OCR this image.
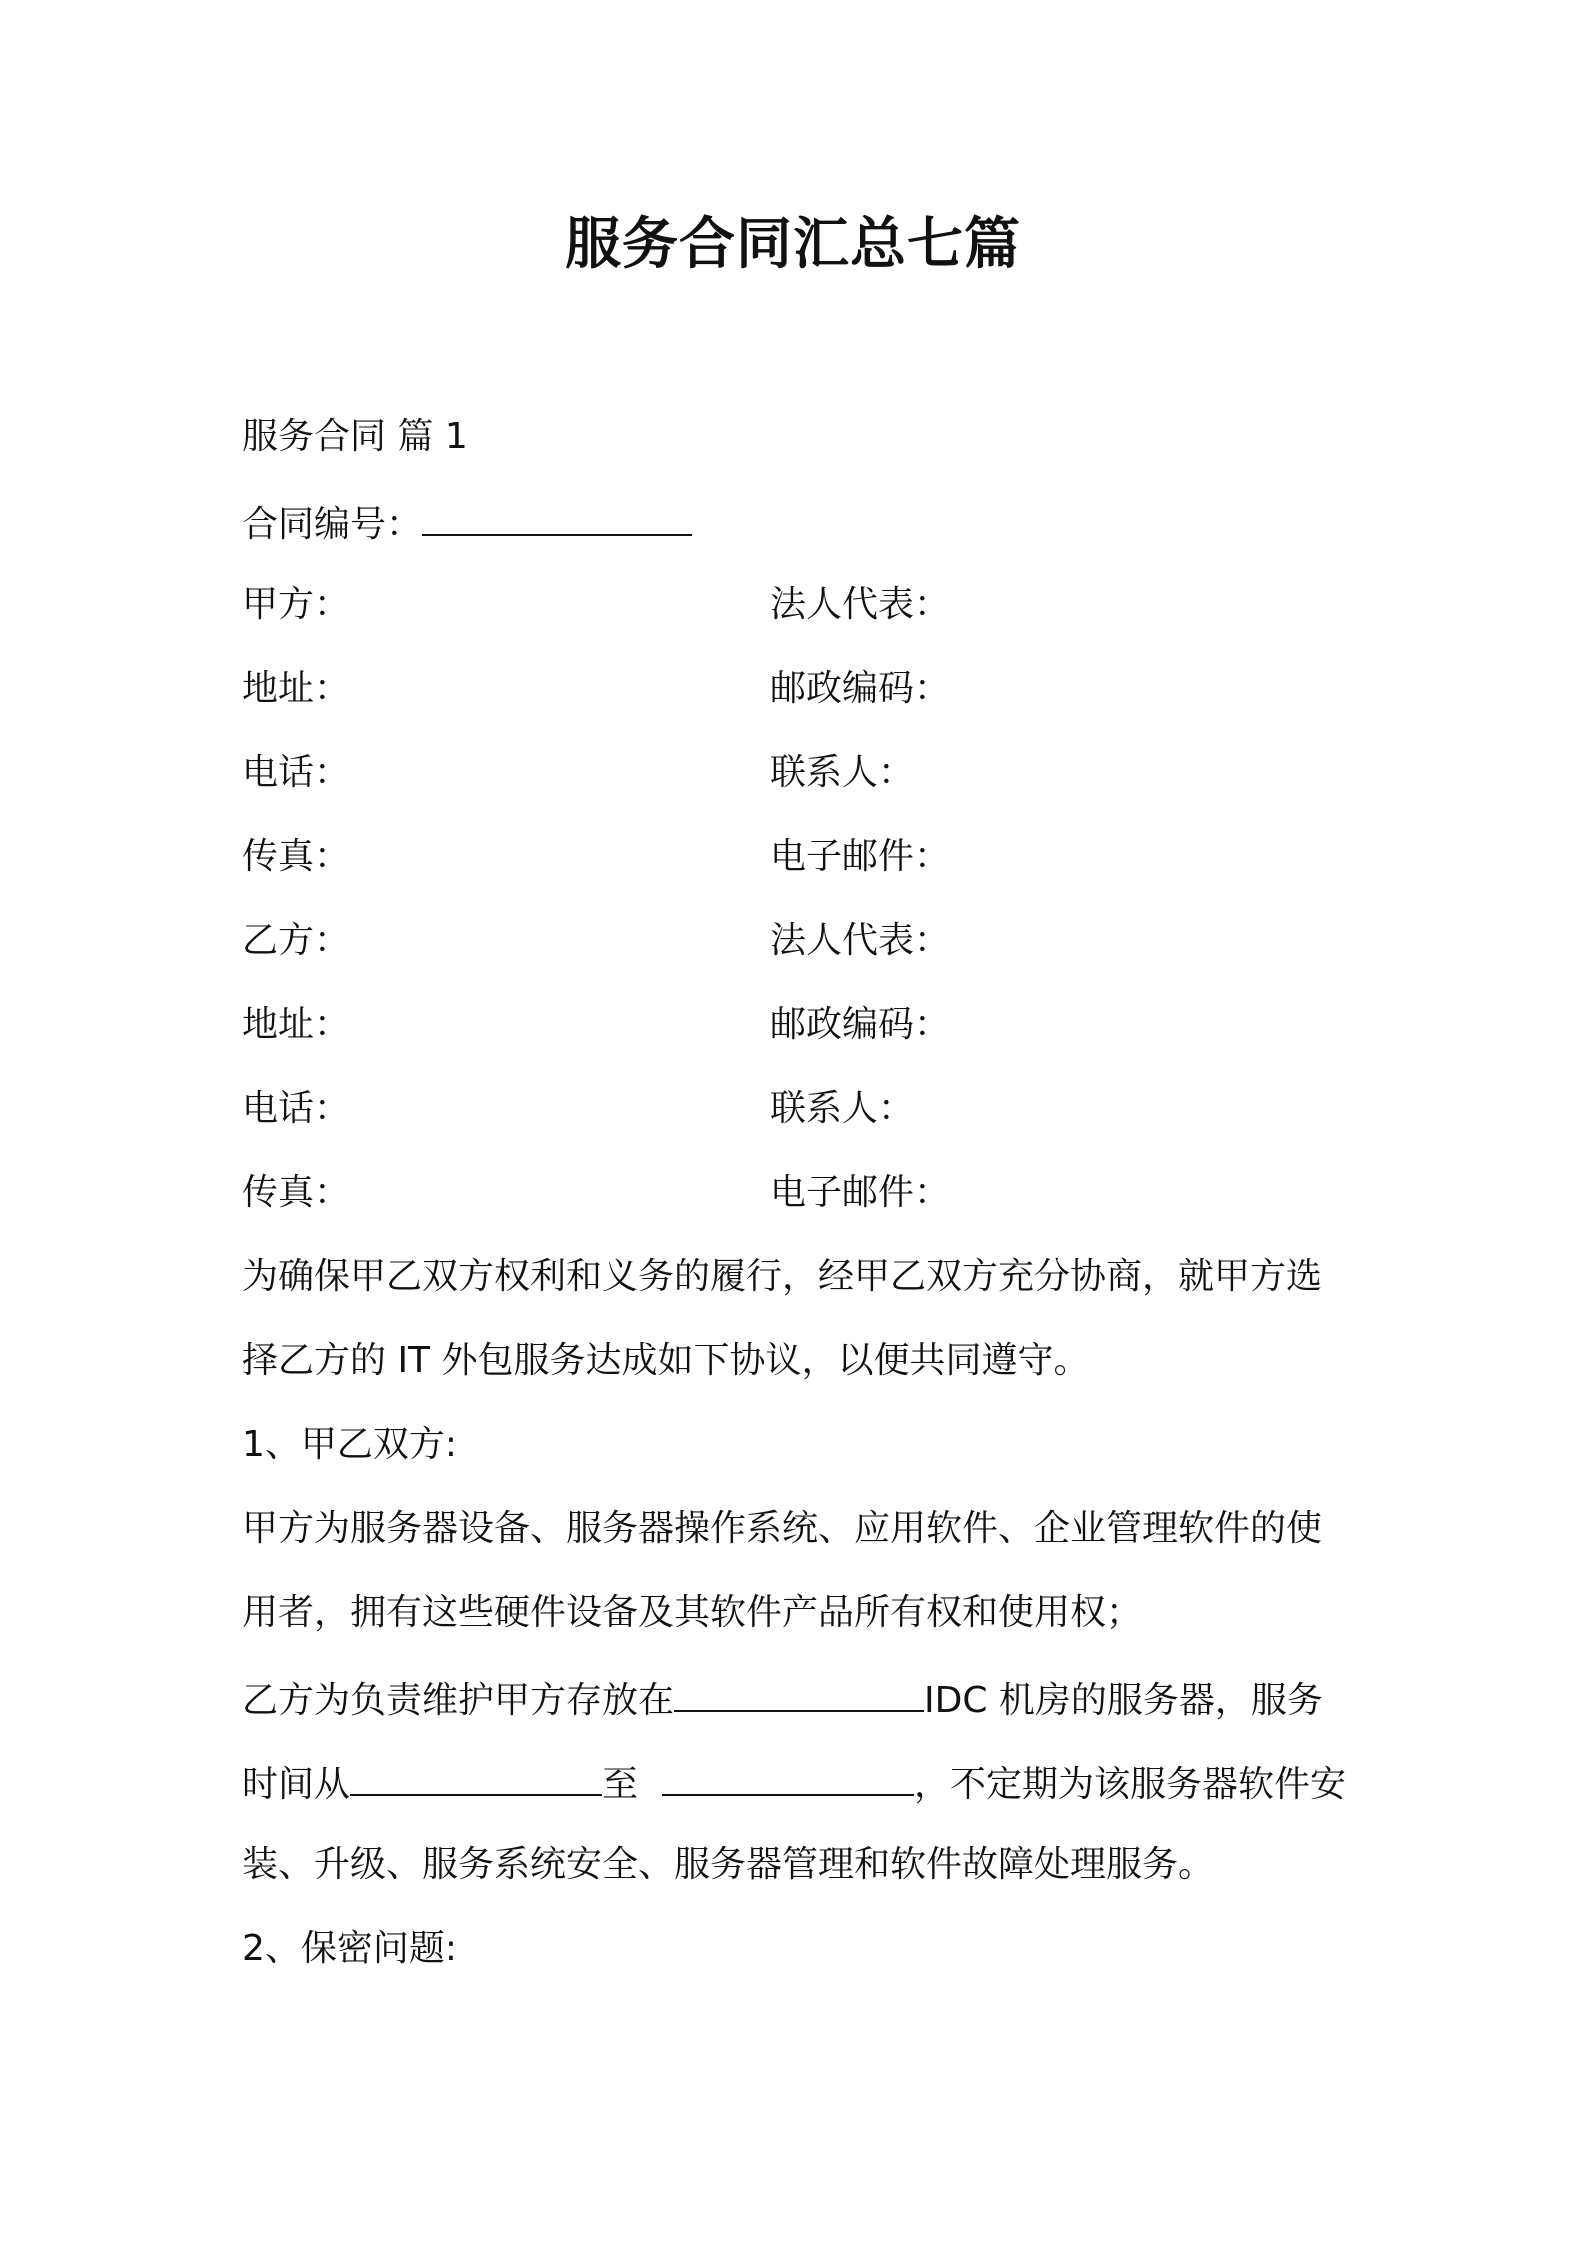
服务合同汇总七篇
服务合同 篇 1
合同编号：
甲方：	法人代表：
地址：	邮政编码：
电话：	联系人：
传真：	电子邮件：
乙方：	法人代表：
地址：	邮政编码：
电话：	联系人：
传真：	电子邮件：
为确保甲乙双方权利和义务的履行，经甲乙双方充分协商，就甲方选
择乙方的 IT 外包服务达成如下协议，以便共同遵守。
1、甲乙双方:
甲方为服务器设备、服务器操作系统、应用软件、企业管理软件的使
用者，拥有这些硬件设备及其软件产品所有权和使用权；
乙方为负责维护甲方存放在	IDC 机房的服务器，服务
时间从	至	，不定期为该服务器软件安
装、升级、服务系统安全、服务器管理和软件故障处理服务。
2、保密问题:
